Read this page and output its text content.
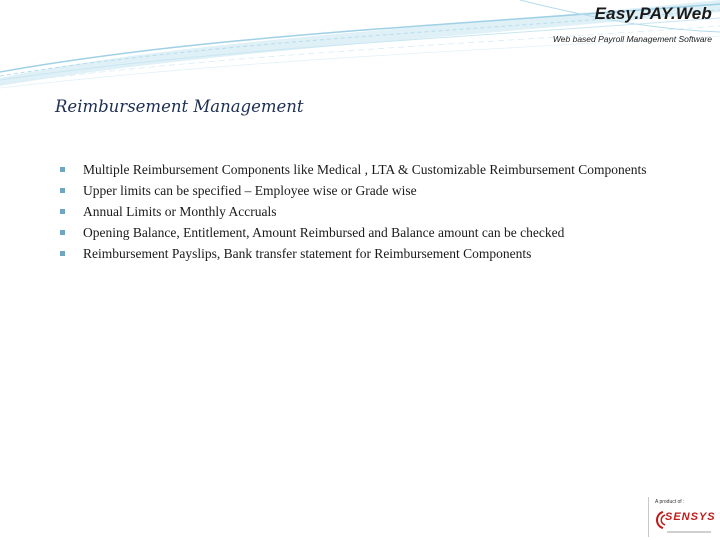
Easy.PAY.Web
Web based Payroll Management Software
Reimbursement Management
Multiple Reimbursement Components like Medical , LTA & Customizable Reimbursement Components
Upper limits can be specified – Employee wise or Grade wise
Annual Limits or Monthly Accruals
Opening Balance, Entitlement, Amount Reimbursed and Balance amount can be checked
Reimbursement Payslips, Bank transfer statement for Reimbursement Components
A product of :
SENSYS
